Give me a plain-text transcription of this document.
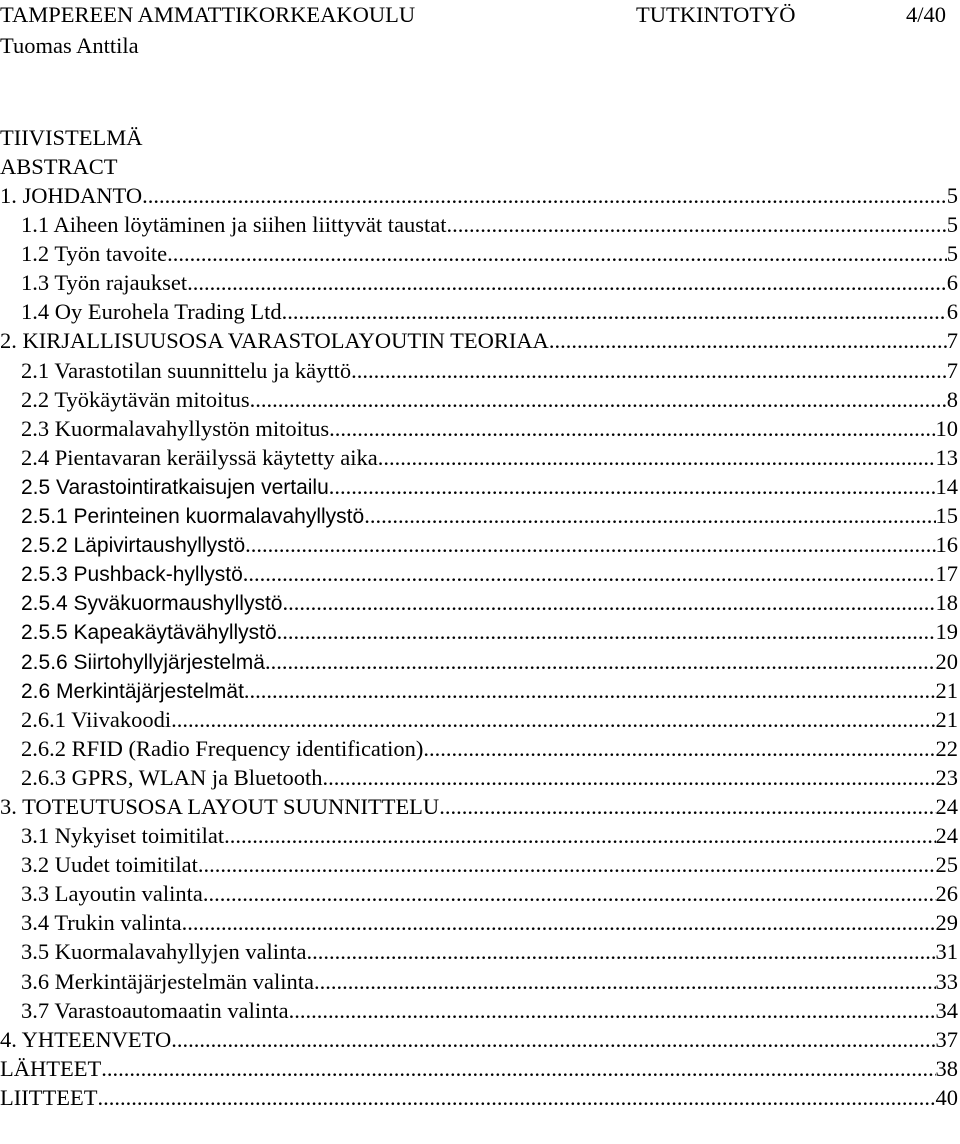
TAMPEREEN AMMATTIKORKEAKOULU	TUTKINTOTYÖ	4/40
Tuomas Anttila
TIIVISTELMÄ
ABSTRACT
1. JOHDANTO .....	5
1.1 Aiheen löytäminen ja siihen liittyvät taustat .....	5
1.2 Työn tavoite .....	5
1.3 Työn rajaukset .....	6
1.4 Oy Eurohela Trading Ltd .....	6
2. KIRJALLISUUSOSA VARASTOLAYOUTIN TEORIAA .....	7
2.1 Varastotilan suunnittelu ja käyttö .....	7
2.2 Työkäytävän mitoitus .....	8
2.3 Kuormalavahyllystön mitoitus .....	10
2.4 Pientavaran keräilyssä käytetty aika .....	13
2.5 Varastointiratkaisujen vertailu .....	14
2.5.1 Perinteinen kuormalavahyllystö .....	15
2.5.2 Läpivirtaushyllystö .....	16
2.5.3 Pushback-hyllystö .....	17
2.5.4 Syväkuormaushyllystö .....	18
2.5.5 Kapeakäytävähyllystö .....	19
2.5.6 Siirtohyllyjärjestelmä .....	20
2.6 Merkintäjärjestelmät .....	21
2.6.1 Viivakoodi .....	21
2.6.2 RFID (Radio Frequency identification) .....	22
2.6.3 GPRS, WLAN ja Bluetooth .....	23
3. TOTEUTUSOSA LAYOUT SUUNNITTELU .....	24
3.1 Nykyiset toimitilat .....	24
3.2 Uudet toimitilat .....	25
3.3 Layoutin valinta .....	26
3.4 Trukin valinta .....	29
3.5 Kuormalavahyllyjen valinta .....	31
3.6 Merkintäjärjestelmän valinta .....	33
3.7 Varastoautomaatin valinta .....	34
4. YHTEENVETO .....	37
LÄHTEET .....	38
LIITTEET .....	40
